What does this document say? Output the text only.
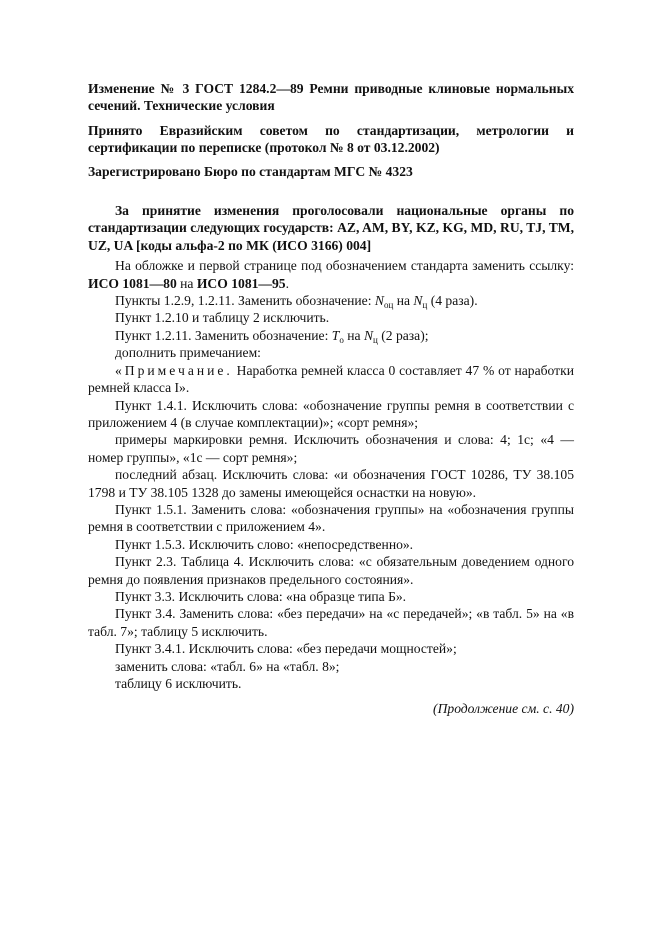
Изменение № 3 ГОСТ 1284.2—89 Ремни приводные клиновые нормальных сечений. Технические условия

Принято Евразийским советом по стандартизации, метрологии и сертификации по переписке (протокол № 8 от 03.12.2002)

Зарегистрировано Бюро по стандартам МГС № 4323

За принятие изменения проголосовали национальные органы по стандартизации следующих государств: AZ, AM, BY, KZ, KG, MD, RU, TJ, TM, UZ, UA [коды альфа-2 по МК (ИСО 3166) 004]

На обложке и первой странице под обозначением стандарта заменить ссылку: ИСО 1081—80 на ИСО 1081—95.

Пункты 1.2.9, 1.2.11. Заменить обозначение: $N_{оц}$ на $N_ц$ (4 раза).

Пункт 1.2.10 и таблицу 2 исключить.

Пункт 1.2.11. Заменить обозначение: $T_о$ на $N_ц$ (2 раза);

дополнить примечанием:

«Примечание. Наработка ремней класса 0 составляет 47 % от наработки ремней класса I».

Пункт 1.4.1. Исключить слова: «обозначение группы ремня в соответствии с приложением 4 (в случае комплектации)»; «сорт ремня»;

примеры маркировки ремня. Исключить обозначения и слова: 4; 1с; «4 — номер группы», «1с — сорт ремня»;

последний абзац. Исключить слова: «и обозначения ГОСТ 10286, ТУ 38.105 1798 и ТУ 38.105 1328 до замены имеющейся оснастки на новую».

Пункт 1.5.1. Заменить слова: «обозначения группы» на «обозначения группы ремня в соответствии с приложением 4».

Пункт 1.5.3. Исключить слово: «непосредственно».

Пункт 2.3. Таблица 4. Исключить слова: «с обязательным доведением одного ремня до появления признаков предельного состояния».

Пункт 3.3. Исключить слова: «на образце типа Б».

Пункт 3.4. Заменить слова: «без передачи» на «с передачей»; «в табл. 5» на «в табл. 7»; таблицу 5 исключить.

Пункт 3.4.1. Исключить слова: «без передачи мощностей»;

заменить слова: «табл. 6» на «табл. 8»;

таблицу 6 исключить.

(Продолжение см. с. 40)
